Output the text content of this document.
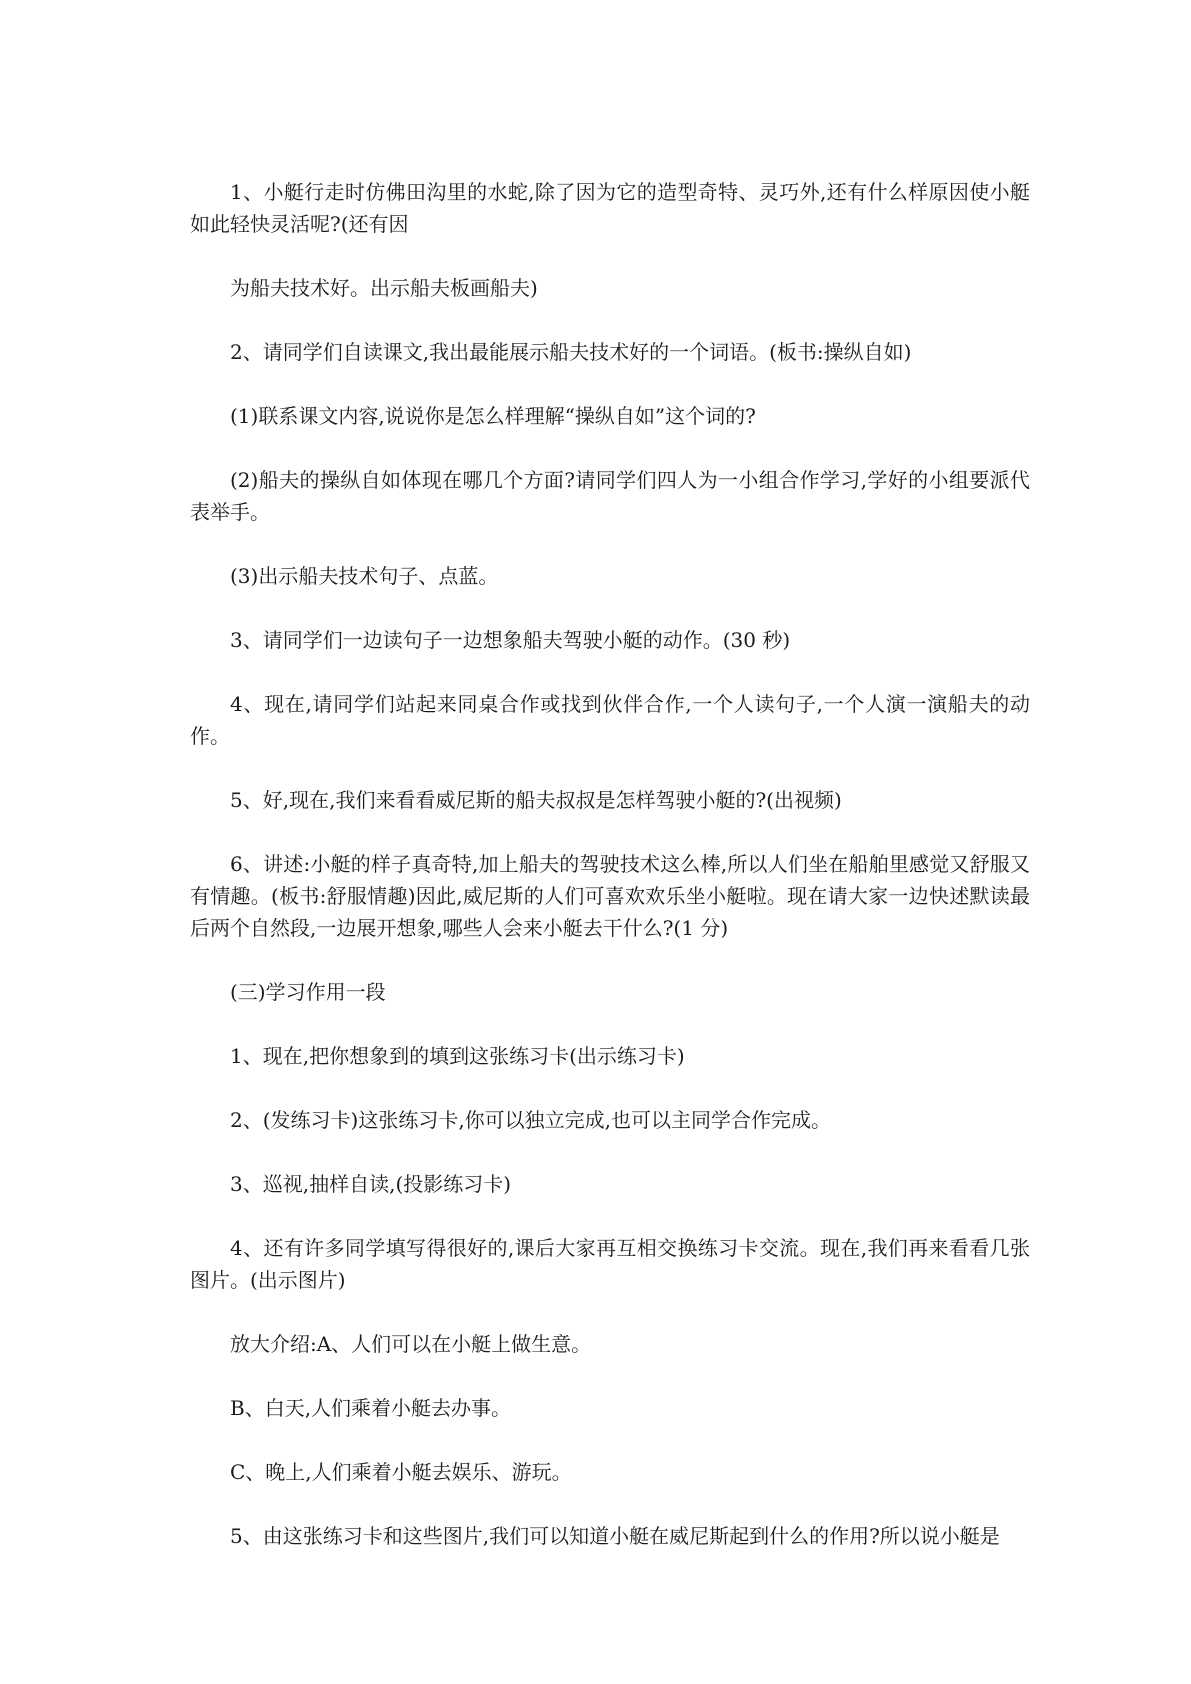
1、小艇行走时仿佛田沟里的水蛇,除了因为它的造型奇特、灵巧外,还有什么样原因使小艇如此轻快灵活呢?(还有因

为船夫技术好。出示船夫板画船夫)

2、请同学们自读课文,我出最能展示船夫技术好的一个词语。(板书:操纵自如)

(1)联系课文内容,说说你是怎么样理解“操纵自如”这个词的?

(2)船夫的操纵自如体现在哪几个方面?请同学们四人为一小组合作学习,学好的小组要派代表举手。

(3)出示船夫技术句子、点蓝。

3、请同学们一边读句子一边想象船夫驾驶小艇的动作。(30 秒)

4、现在,请同学们站起来同桌合作或找到伙伴合作,一个人读句子,一个人演一演船夫的动作。

5、好,现在,我们来看看威尼斯的船夫叔叔是怎样驾驶小艇的?(出视频)

6、讲述:小艇的样子真奇特,加上船夫的驾驶技术这么棒,所以人们坐在船舶里感觉又舒服又有情趣。(板书:舒服情趣)因此,威尼斯的人们可喜欢欢乐坐小艇啦。现在请大家一边快述默读最后两个自然段,一边展开想象,哪些人会来小艇去干什么?(1 分)

(三)学习作用一段

1、现在,把你想象到的填到这张练习卡(出示练习卡)

2、(发练习卡)这张练习卡,你可以独立完成,也可以主同学合作完成。

3、巡视,抽样自读,(投影练习卡)

4、还有许多同学填写得很好的,课后大家再互相交换练习卡交流。现在,我们再来看看几张图片。(出示图片)

放大介绍:A、人们可以在小艇上做生意。

B、白天,人们乘着小艇去办事。

C、晚上,人们乘着小艇去娱乐、游玩。

5、由这张练习卡和这些图片,我们可以知道小艇在威尼斯起到什么的作用?所以说小艇是
